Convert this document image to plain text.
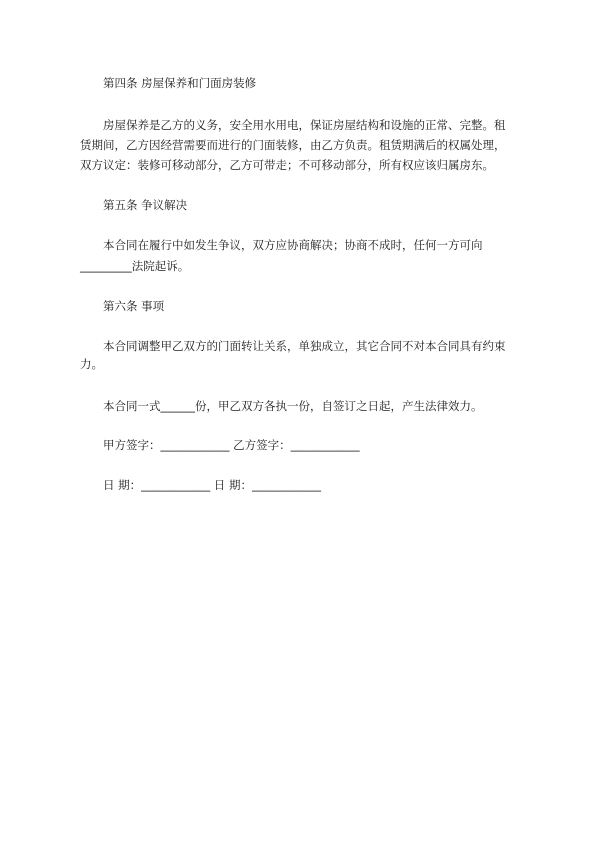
第四条 房屋保养和门面房装修
房屋保养是乙方的义务，安全用水用电，保证房屋结构和设施的正常、完整。租
赁期间，乙方因经营需要而进行的门面装修，由乙方负责。租赁期满后的权属处理，
双方议定：装修可移动部分，乙方可带走；不可移动部分，所有权应该归属房东。
第五条 争议解决
本合同在履行中如发生争议，双方应协商解决；协商不成时，任何一方可向
_________法院起诉。
第六条 事项
本合同调整甲乙双方的门面转让关系，单独成立，其它合同不对本合同具有约束
力。
本合同一式______份，甲乙双方各执一份，自签订之日起，产生法律效力。
甲方签字：____________ 乙方签字：____________
日 期：____________ 日 期：____________
